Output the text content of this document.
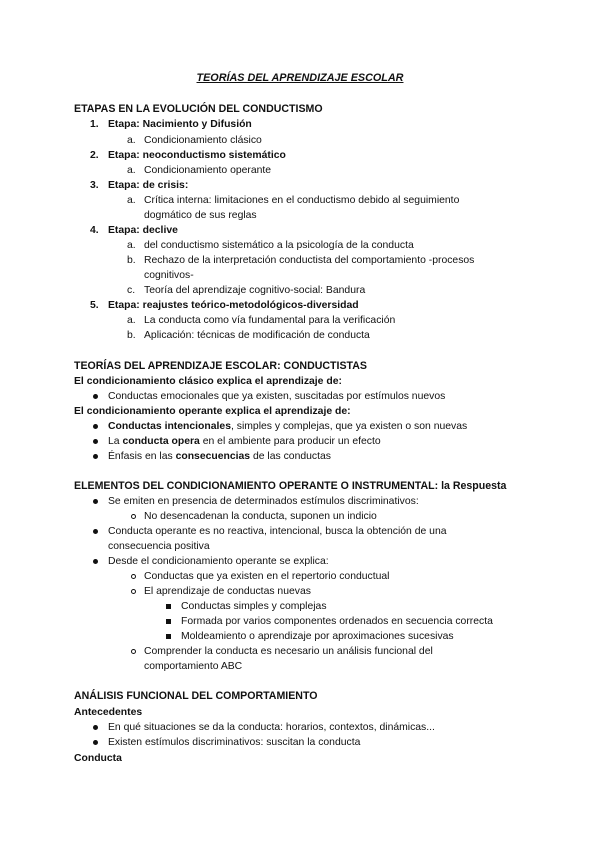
TEORÍAS DEL APRENDIZAJE ESCOLAR
ETAPAS EN LA EVOLUCIÓN DEL CONDUCTISMO
1. Etapa: Nacimiento y Difusión
a. Condicionamiento clásico
2. Etapa: neoconductismo sistemático
a. Condicionamiento operante
3. Etapa: de crisis:
a. Crítica interna: limitaciones en el conductismo debido al seguimiento
dogmático de sus reglas
4. Etapa: declive
a. del conductismo sistemático a la psicología de la conducta
b. Rechazo de la interpretación conductista del comportamiento -procesos
cognitivos-
c. Teoría del aprendizaje cognitivo-social: Bandura
5. Etapa: reajustes teórico-metodológicos-diversidad
a. La conducta como vía fundamental para la verificación
b. Aplicación: técnicas de modificación de conducta
TEORÍAS DEL APRENDIZAJE ESCOLAR: CONDUCTISTAS
El condicionamiento clásico explica el aprendizaje de:
Conductas emocionales que ya existen, suscitadas por estímulos nuevos
El condicionamiento operante explica el aprendizaje de:
Conductas intencionales, simples y complejas, que ya existen o son nuevas
La conducta opera en el ambiente para producir un efecto
Énfasis en las consecuencias de las conductas
ELEMENTOS DEL CONDICIONAMIENTO OPERANTE O INSTRUMENTAL: la Respuesta
Se emiten en presencia de determinados estímulos discriminativos:
No desencadenan la conducta, suponen un indicio
Conducta operante es no reactiva, intencional, busca la obtención de una
consecuencia positiva
Desde el condicionamiento operante se explica:
Conductas que ya existen en el repertorio conductual
El aprendizaje de conductas nuevas
Conductas simples y complejas
Formada por varios componentes ordenados en secuencia correcta
Moldeamiento o aprendizaje por aproximaciones sucesivas
Comprender la conducta es necesario un análisis funcional del
comportamiento ABC
ANÁLISIS FUNCIONAL DEL COMPORTAMIENTO
Antecedentes
En qué situaciones se da la conducta: horarios, contextos, dinámicas...
Existen estímulos discriminativos: suscitan la conducta
Conducta
